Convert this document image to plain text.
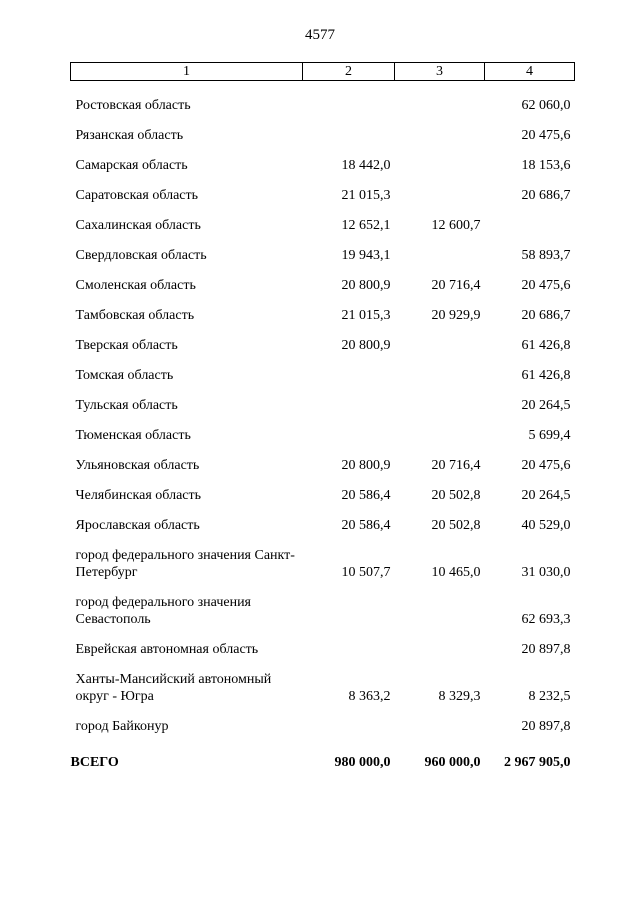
4577
1	2	3	4
Ростовская область			62 060,0
Рязанская область			20 475,6
Самарская область	18 442,0		18 153,6
Саратовская область	21 015,3		20 686,7
Сахалинская область	12 652,1	12 600,7	
Свердловская область	19 943,1		58 893,7
Смоленская область	20 800,9	20 716,4	20 475,6
Тамбовская область	21 015,3	20 929,9	20 686,7
Тверская область	20 800,9		61 426,8
Томская область			61 426,8
Тульская область			20 264,5
Тюменская область			5 699,4
Ульяновская область	20 800,9	20 716,4	20 475,6
Челябинская область	20 586,4	20 502,8	20 264,5
Ярославская область	20 586,4	20 502,8	40 529,0
город федерального значения Санкт-Петербург	10 507,7	10 465,0	31 030,0
город федерального значения Севастополь			62 693,3
Еврейская автономная область			20 897,8
Ханты-Мансийский автономный округ - Югра	8 363,2	8 329,3	8 232,5
город Байконур			20 897,8
ВСЕГО	980 000,0	960 000,0	2 967 905,0
